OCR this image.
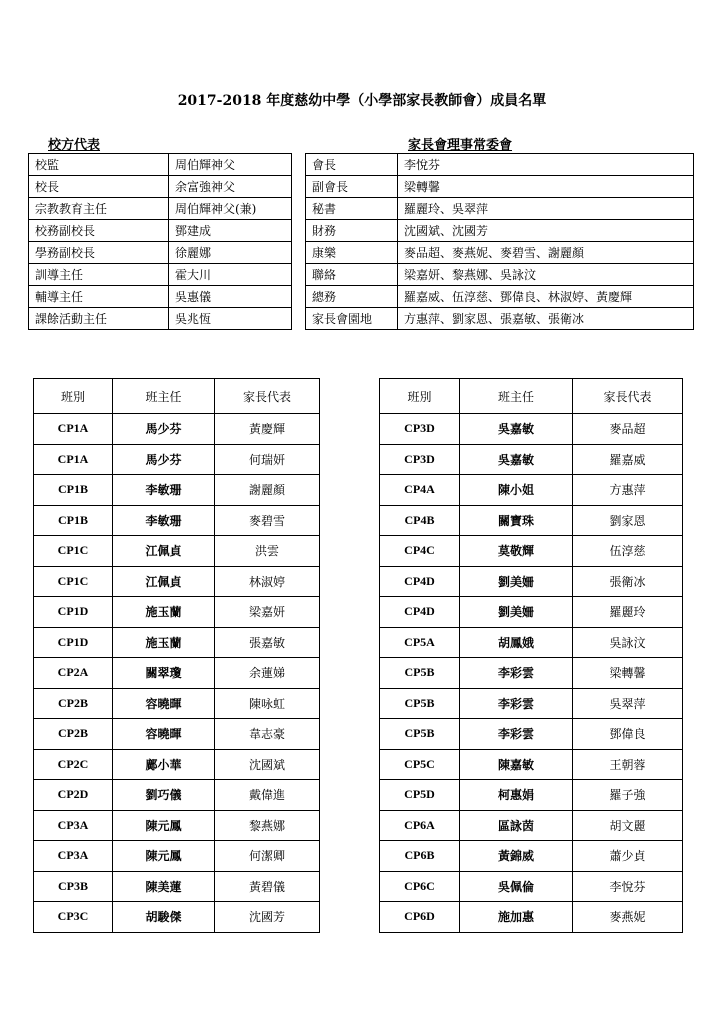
2017-2018 年度慈幼中學（小學部家長教師會）成員名單
校方代表	家長會理事常委會
校監	周伯輝神父
校長	余富強神父
宗教教育主任	周伯輝神父(兼)
校務副校長	鄧建成
學務副校長	徐麗娜
訓導主任	霍大川
輔導主任	吳惠儀
課餘活動主任	吳兆恆
會長	李悅芬
副會長	梁轉馨
秘書	羅麗玲、吳翠萍
財務	沈國斌、沈國芳
康樂	麥品超、麥燕妮、麥碧雪、謝麗顏
聯絡	梁嘉妍、黎燕娜、吳詠汶
總務	羅嘉威、伍淳慈、鄧偉良、林淑婷、黃慶輝
家長會園地	方惠萍、劉家恩、張嘉敏、張衛冰
班別	班主任	家長代表
CP1A	馬少芬	黃慶輝
CP1A	馬少芬	何瑞妍
CP1B	李敏珊	謝麗顏
CP1B	李敏珊	麥碧雪
CP1C	江佩貞	洪雲
CP1C	江佩貞	林淑婷
CP1D	施玉蘭	梁嘉妍
CP1D	施玉蘭	張嘉敏
CP2A	關翠瓊	余蓮娣
CP2B	容曉暉	陳咏虹
CP2B	容曉暉	韋志豪
CP2C	鄺小華	沈國斌
CP2D	劉巧儀	戴偉進
CP3A	陳元鳳	黎燕娜
CP3A	陳元鳳	何潔卿
CP3B	陳美蓮	黃碧儀
CP3C	胡駿傑	沈國芳
班別	班主任	家長代表
CP3D	吳嘉敏	麥品超
CP3D	吳嘉敏	羅嘉威
CP4A	陳小姐	方惠萍
CP4B	關寶珠	劉家恩
CP4C	莫敬輝	伍淳慈
CP4D	劉美姍	張衛冰
CP4D	劉美姍	羅麗玲
CP5A	胡鳳娥	吳詠汶
CP5B	李彩雲	梁轉馨
CP5B	李彩雲	吳翠萍
CP5B	李彩雲	鄧偉良
CP5C	陳嘉敏	王朝蓉
CP5D	柯惠娟	羅子強
CP6A	區詠茵	胡文麗
CP6B	黃錦威	蕭少貞
CP6C	吳佩倫	李悅芬
CP6D	施加惠	麥燕妮
